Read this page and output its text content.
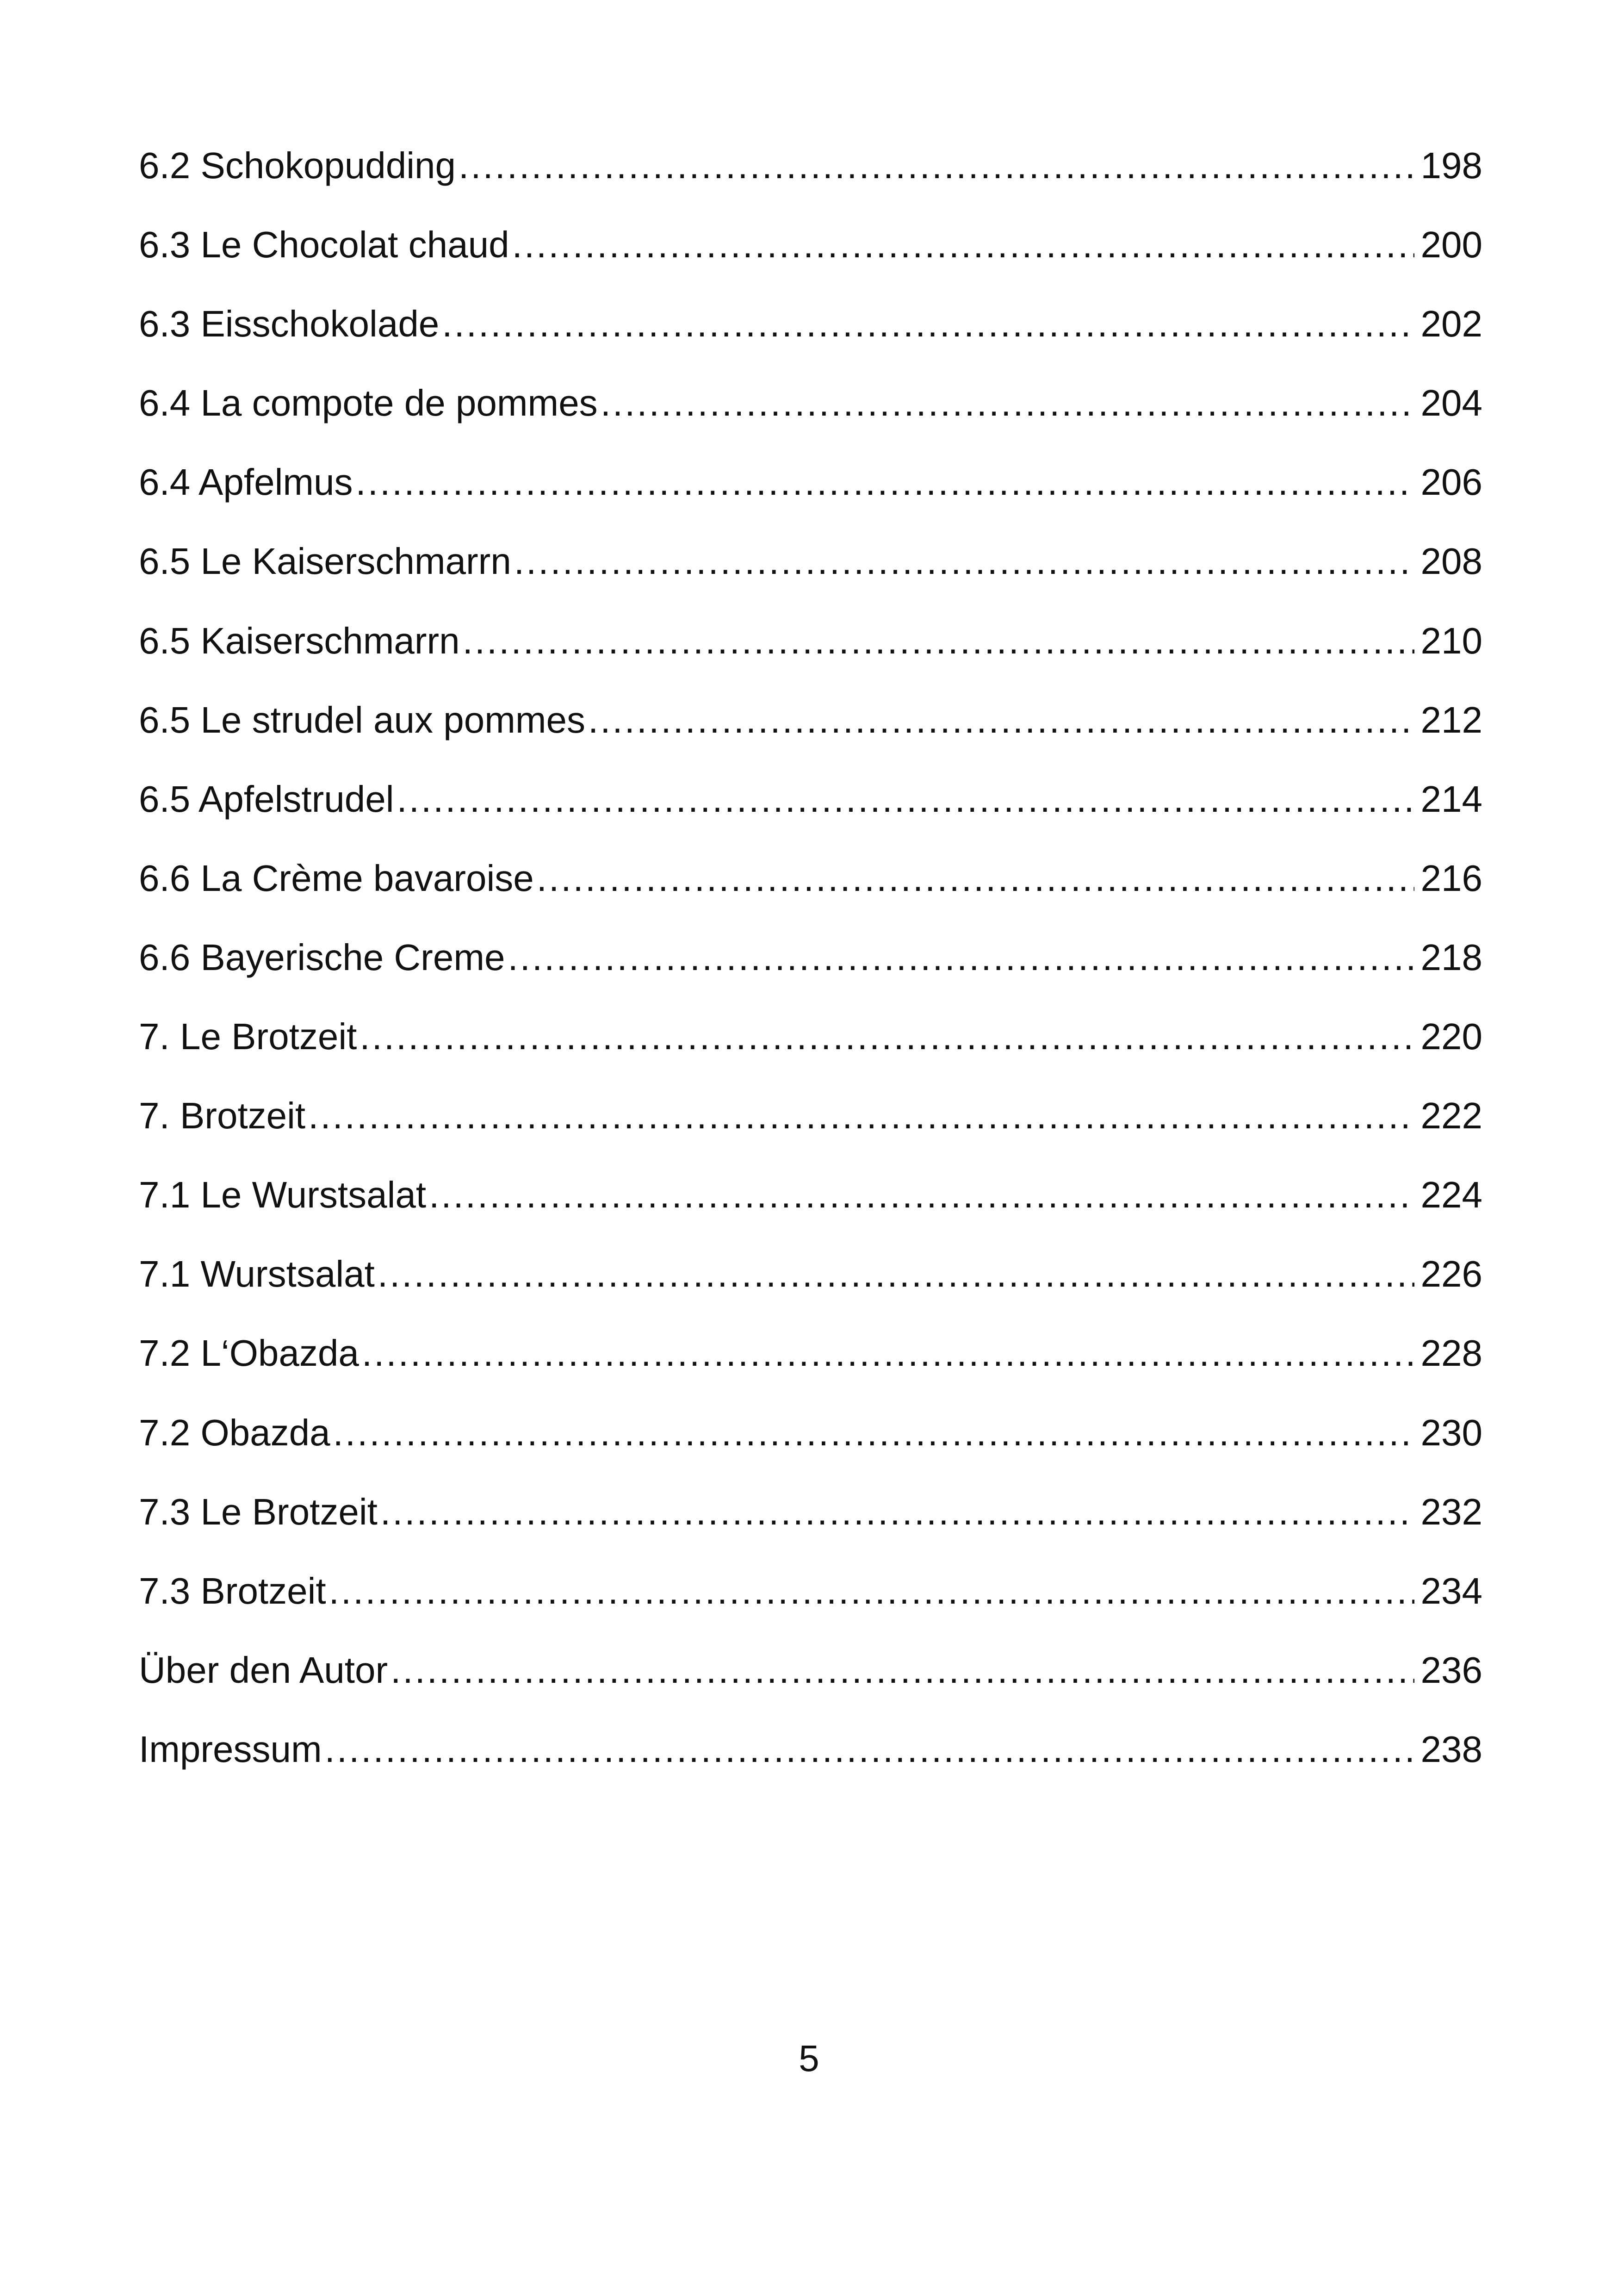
6.2 Schokopudding .....	198
6.3 Le Chocolat chaud .....	200
6.3 Eisschokolade .....	202
6.4 La compote de pommes .....	204
6.4 Apfelmus .....	206
6.5 Le Kaiserschmarrn .....	208
6.5 Kaiserschmarrn .....	210
6.5 Le strudel aux pommes .....	212
6.5 Apfelstrudel .....	214
6.6 La Crème bavaroise .....	216
6.6 Bayerische Creme .....	218
7. Le Brotzeit .....	220
7. Brotzeit .....	222
7.1 Le Wurstsalat .....	224
7.1 Wurstsalat .....	226
7.2 L‘Obazda .....	228
7.2 Obazda .....	230
7.3 Le Brotzeit .....	232
7.3 Brotzeit .....	234
Über den Autor .....	236
Impressum .....	238
5
